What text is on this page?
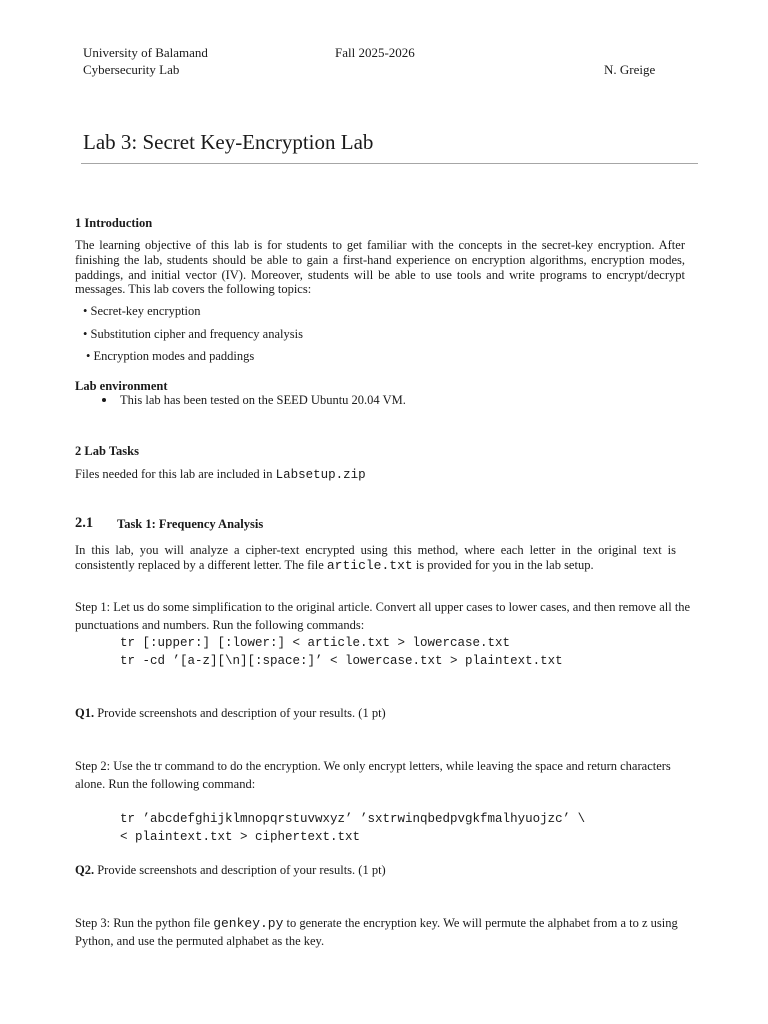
University of Balamand
Cybersecurity Lab
Fall 2025-2026
N. Greige
Lab 3: Secret Key-Encryption Lab
1 Introduction
The learning objective of this lab is for students to get familiar with the concepts in the secret-key encryption. After
finishing the lab, students should be able to gain a first-hand experience on encryption algorithms, encryption modes,
paddings, and initial vector (IV). Moreover, students will be able to use tools and write programs to encrypt/decrypt
messages. This lab covers the following topics:
• Secret-key encryption
• Substitution cipher and frequency analysis
• Encryption modes and paddings
Lab environment
This lab has been tested on the SEED Ubuntu 20.04 VM.
2 Lab Tasks
Files needed for this lab are included in Labsetup.zip
2.1 Task 1: Frequency Analysis
In this lab, you will analyze a cipher-text encrypted using this method, where each letter in the original text is
consistently replaced by a different letter. The file article.txt is provided for you in the lab setup.
Step 1: Let us do some simplification to the original article. Convert all upper cases to lower cases, and then remove all the
punctuations and numbers. Run the following commands:
tr [:upper:] [:lower:] < article.txt > lowercase.txt
tr -cd ’[a-z][\n][:space:]’ < lowercase.txt > plaintext.txt
Q1. Provide screenshots and description of your results. (1 pt)
Step 2: Use the tr command to do the encryption. We only encrypt letters, while leaving the space and return characters
alone. Run the following command:
tr ’abcdefghijklmnopqrstuvwxyz’ ’sxtrwinqbedpvgkfmalhyuojzc’ \
< plaintext.txt > ciphertext.txt
Q2. Provide screenshots and description of your results. (1 pt)
Step 3: Run the python file genkey.py to generate the encryption key. We will permute the alphabet from a to z using
Python, and use the permuted alphabet as the key.
